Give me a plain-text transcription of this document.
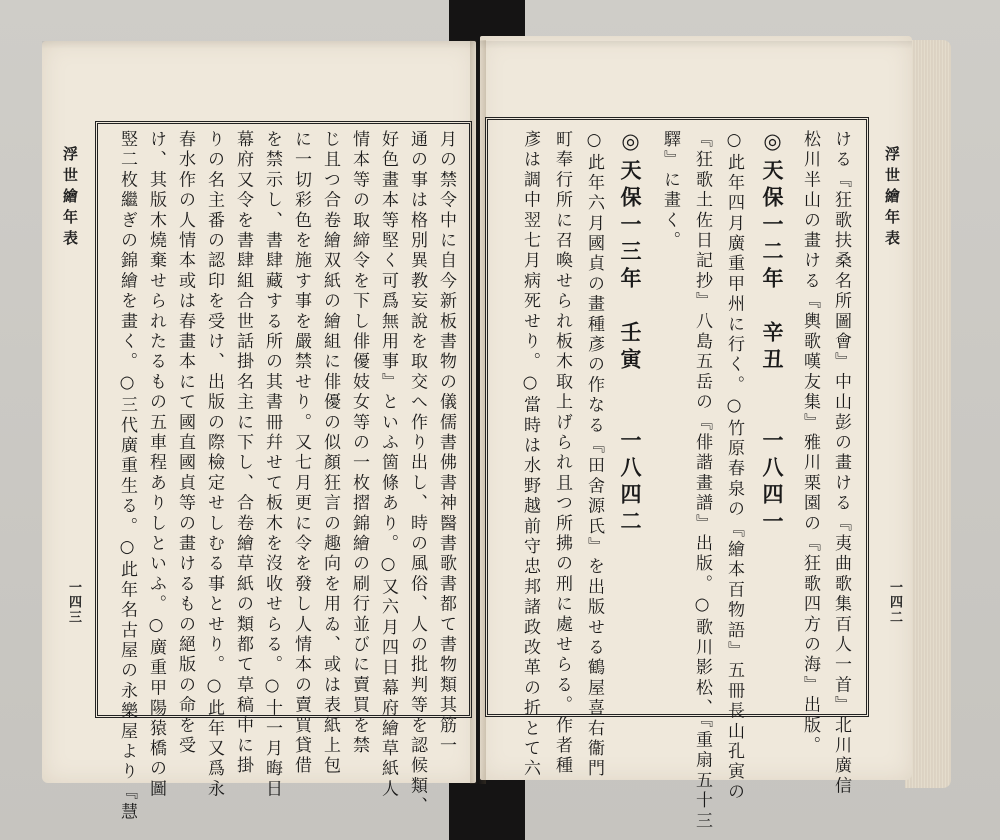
浮世繪年表
一四三
浮世繪年表
一四二
ける『狂歌扶桑名所圖會』中山彭の畫ける『夷曲歌集百人一首』北川廣信
松川半山の畫ける『輿歌嘆友集』雅川栗園の『狂歌四方の海』出版。
◎天保一二年　辛丑　　一八四一
○此年四月廣重甲州に行く。○竹原春泉の『繪本百物語』五冊長山孔寅の
『狂歌土佐日記抄』八島五岳の『俳諧畫譜』出版。○歌川影松、『重扇五十三
驛』に畫く。
◎天保一三年　壬寅　　一八四二
○此年六月國貞の畫種彥の作なる『田舍源氏』を出版せる鶴屋喜右衞門
町奉行所に召喚せられ板木取上げられ且つ所拂の刑に處せらる。作者種
彥は調中翌七月病死せり。○當時は水野越前守忠邦諸政改革の折とて六
月の禁令中に自今新板書物の儀儒書佛書神醫書歌書都て書物類其筋一
通の事は格別異教妄說を取交へ作り出し、時の風俗、人の批判等を認候類、
好色畫本等堅く可爲無用事』といふ箇條あり。○又六月四日幕府繪草紙人
情本等の取締令を下し俳優妓女等の一枚摺錦繪の刷行並びに賣買を禁
じ且つ合卷繪双紙の繪組に俳優の似顏狂言の趣向を用ゐ、或は表紙上包
に一切彩色を施す事を嚴禁せり。又七月更に令を發し人情本の賣買貸借
を禁示し、書肆藏する所の其書冊幷せて板木を沒收せらる。○十一月晦日
幕府又令を書肆組合世話掛名主に下し、合卷繪草紙の類都て草稿中に掛
りの名主番の認印を受け、出版の際檢定せしむる事とせり。○此年又爲永
春水作の人情本或は春畫本にて國直國貞等の畫けるもの絕版の命を受
け、其版木燒棄せられたるもの五車程ありしといふ。○廣重甲陽猿橋の圖
竪二枚繼ぎの錦繪を畫く。○三代廣重生る。○此年名古屋の永樂屋より『慧
